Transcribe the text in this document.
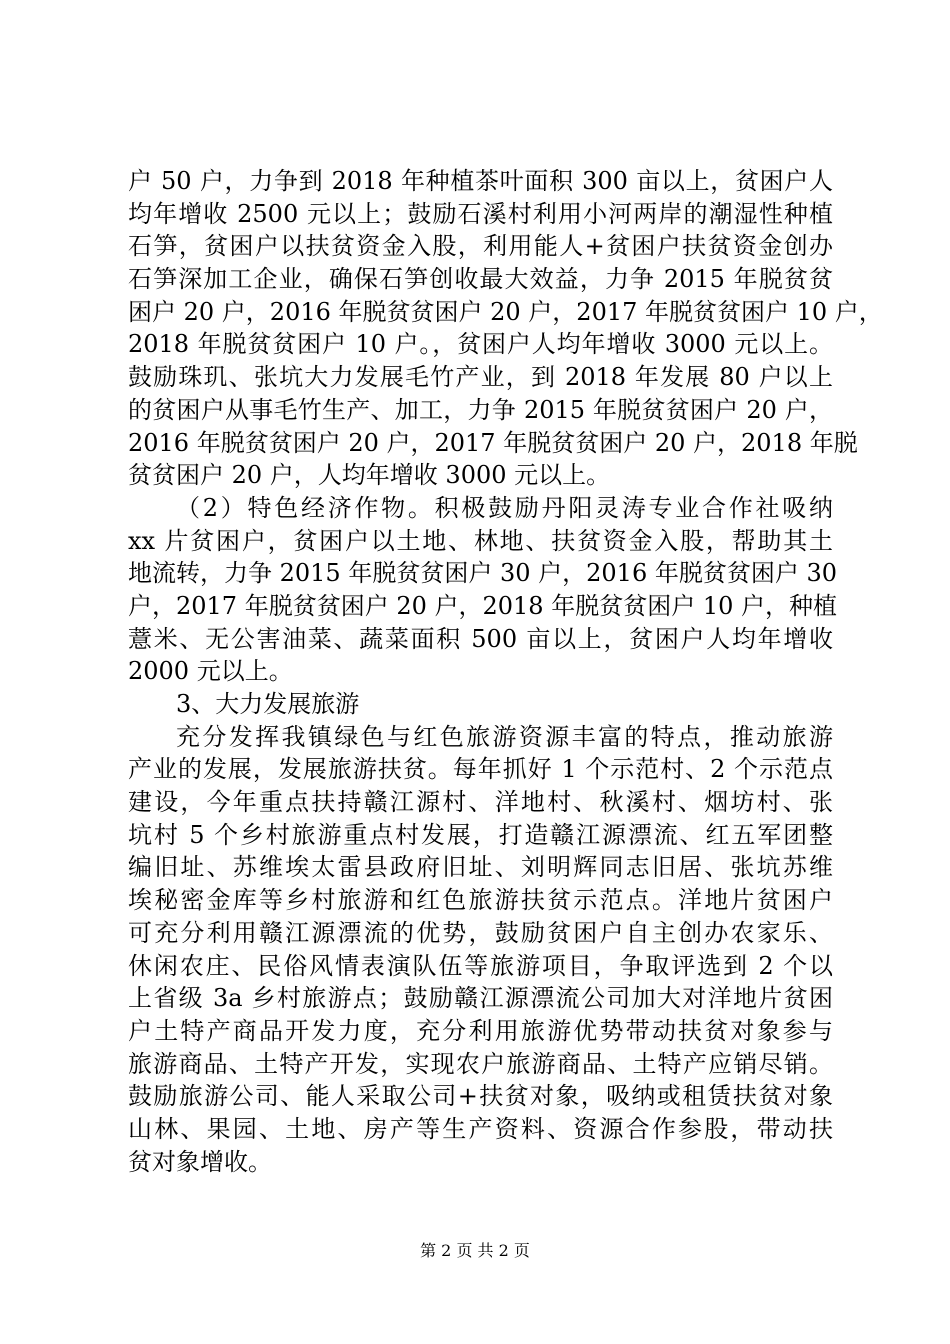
户 50 户，力争到 2018 年种植茶叶面积 300 亩以上，贫困户人
均年增收 2500 元以上；鼓励石溪村利用小河两岸的潮湿性种植
石笋，贫困户以扶贫资金入股，利用能人+贫困户扶贫资金创办
石笋深加工企业，确保石笋创收最大效益，力争 2015 年脱贫贫
困户 20 户，2016 年脱贫贫困户 20 户，2017 年脱贫贫困户 10 户，
2018 年脱贫贫困户 10 户。，贫困户人均年增收 3000 元以上。
鼓励珠玑、张坑大力发展毛竹产业，到 2018 年发展 80 户以上
的贫困户从事毛竹生产、加工，力争 2015 年脱贫贫困户 20 户，
2016 年脱贫贫困户 20 户，2017 年脱贫贫困户 20 户，2018 年脱
贫贫困户 20 户，人均年增收 3000 元以上。
（2）特色经济作物。积极鼓励丹阳灵涛专业合作社吸纳
xx 片贫困户，贫困户以土地、林地、扶贫资金入股，帮助其土
地流转，力争 2015 年脱贫贫困户 30 户，2016 年脱贫贫困户 30
户，2017 年脱贫贫困户 20 户，2018 年脱贫贫困户 10 户，种植
薏米、无公害油菜、蔬菜面积 500 亩以上，贫困户人均年增收
2000 元以上。
3、大力发展旅游
充分发挥我镇绿色与红色旅游资源丰富的特点，推动旅游
产业的发展，发展旅游扶贫。每年抓好 1 个示范村、2 个示范点
建设，今年重点扶持赣江源村、洋地村、秋溪村、烟坊村、张
坑村 5 个乡村旅游重点村发展，打造赣江源漂流、红五军团整
编旧址、苏维埃太雷县政府旧址、刘明辉同志旧居、张坑苏维
埃秘密金库等乡村旅游和红色旅游扶贫示范点。洋地片贫困户
可充分利用赣江源漂流的优势，鼓励贫困户自主创办农家乐、
休闲农庄、民俗风情表演队伍等旅游项目，争取评选到 2 个以
上省级 3a 乡村旅游点；鼓励赣江源漂流公司加大对洋地片贫困
户土特产商品开发力度，充分利用旅游优势带动扶贫对象参与
旅游商品、土特产开发，实现农户旅游商品、土特产应销尽销。
鼓励旅游公司、能人采取公司+扶贫对象，吸纳或租赁扶贫对象
山林、果园、土地、房产等生产资料、资源合作参股，带动扶
贫对象增收。
第 2 页 共 2 页
